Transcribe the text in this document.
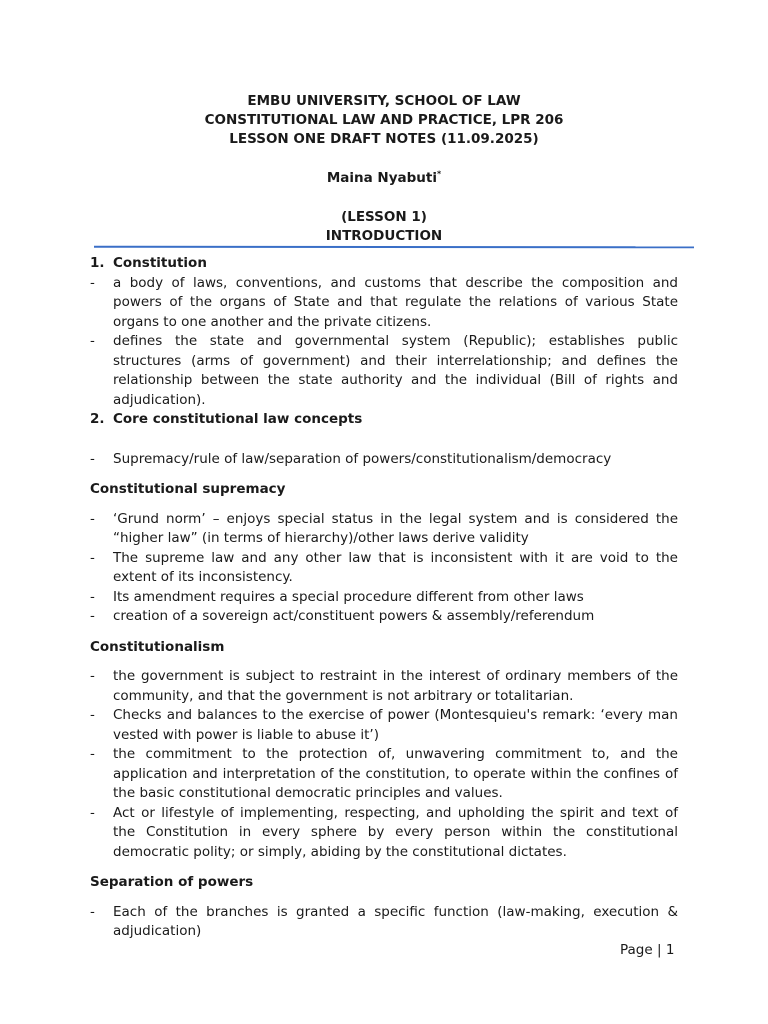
EMBU UNIVERSITY, SCHOOL OF LAW
CONSTITUTIONAL LAW AND PRACTICE, LPR 206
LESSON ONE DRAFT NOTES (11.09.2025)
Maina Nyabuti*
(LESSON 1)
INTRODUCTION

1. Constitution

- a body of laws, conventions, and customs that describe the composition and powers of the organs of State and that regulate the relations of various State organs to one another and the private citizens.
- defines the state and governmental system (Republic); establishes public structures (arms of government) and their interrelationship; and defines the relationship between the state authority and the individual (Bill of rights and adjudication).

2. Core constitutional law concepts

- Supremacy/rule of law/separation of powers/constitutionalism/democracy

Constitutional supremacy

- ‘Grund norm’ – enjoys special status in the legal system and is considered the “higher law” (in terms of hierarchy)/other laws derive validity
- The supreme law and any other law that is inconsistent with it are void to the extent of its inconsistency.
- Its amendment requires a special procedure different from other laws
- creation of a sovereign act/constituent powers & assembly/referendum

Constitutionalism

- the government is subject to restraint in the interest of ordinary members of the community, and that the government is not arbitrary or totalitarian.
- Checks and balances to the exercise of power (Montesquieu's remark: ‘every man vested with power is liable to abuse it’)
- the commitment to the protection of, unwavering commitment to, and the application and interpretation of the constitution, to operate within the confines of the basic constitutional democratic principles and values.
- Act or lifestyle of implementing, respecting, and upholding the spirit and text of the Constitution in every sphere by every person within the constitutional democratic polity; or simply, abiding by the constitutional dictates.

Separation of powers

- Each of the branches is granted a specific function (law-making, execution & adjudication)
Page | 1
